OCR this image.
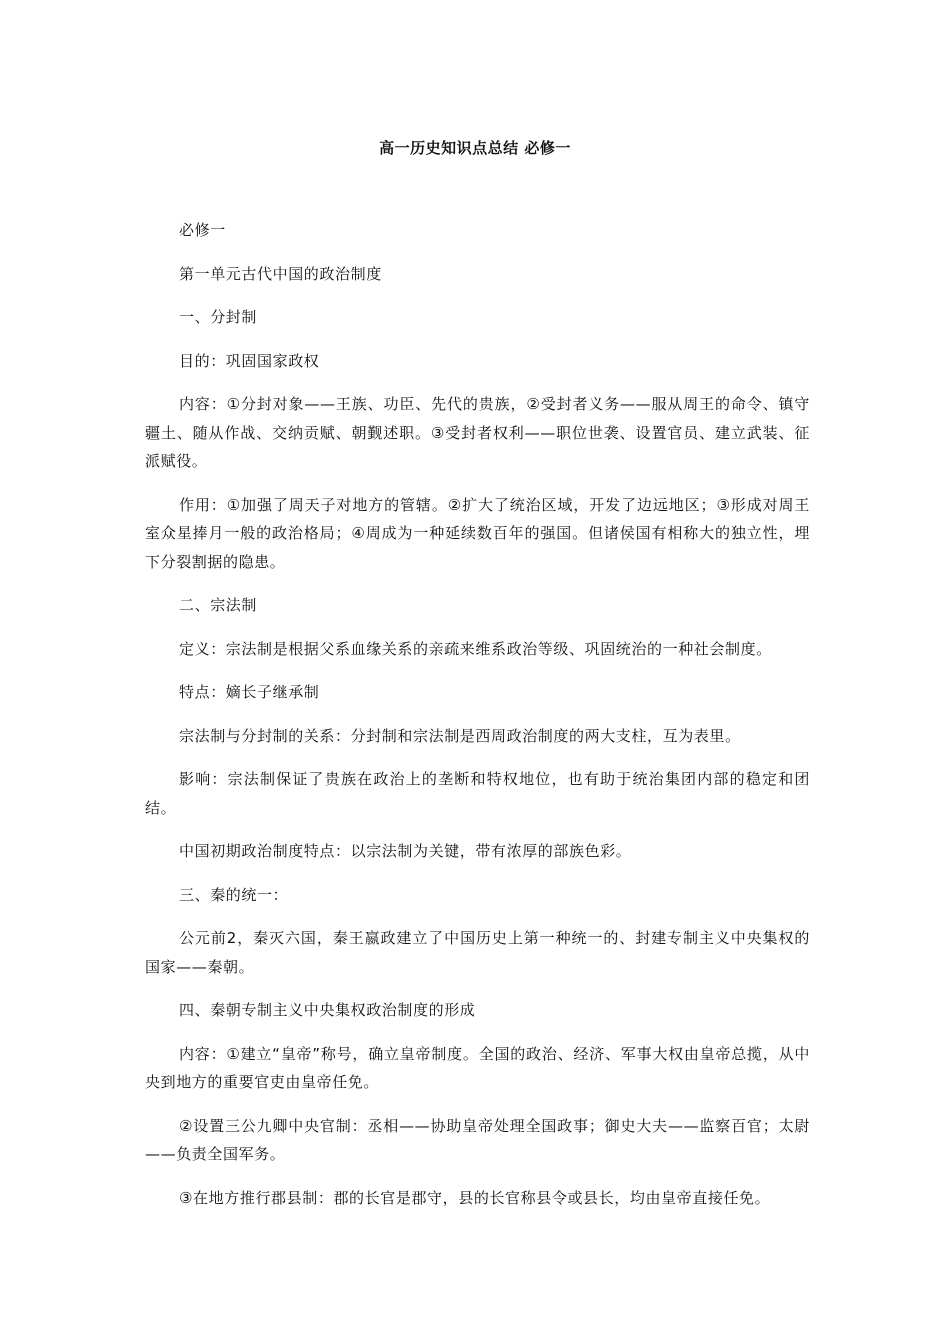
高一历史知识点总结 必修一

必修一

第一单元古代中国的政治制度

一、分封制

目的：巩固国家政权

内容：①分封对象——王族、功臣、先代的贵族，②受封者义务——服从周王的命令、镇守疆土、随从作战、交纳贡赋、朝觐述职。③受封者权利——职位世袭、设置官员、建立武装、征派赋役。

作用：①加强了周天子对地方的管辖。②扩大了统治区域，开发了边远地区；③形成对周王室众星捧月一般的政治格局；④周成为一种延续数百年的强国。但诸侯国有相称大的独立性，埋下分裂割据的隐患。

二、宗法制

定义：宗法制是根据父系血缘关系的亲疏来维系政治等级、巩固统治的一种社会制度。

特点：嫡长子继承制

宗法制与分封制的关系：分封制和宗法制是西周政治制度的两大支柱，互为表里。

影响：宗法制保证了贵族在政治上的垄断和特权地位，也有助于统治集团内部的稳定和团结。

中国初期政治制度特点：以宗法制为关键，带有浓厚的部族色彩。

三、秦的统一：

公元前2，秦灭六国，秦王嬴政建立了中国历史上第一种统一的、封建专制主义中央集权的国家——秦朝。

四、秦朝专制主义中央集权政治制度的形成

内容：①建立“皇帝”称号，确立皇帝制度。全国的政治、经济、军事大权由皇帝总揽，从中央到地方的重要官吏由皇帝任免。

②设置三公九卿中央官制：丞相——协助皇帝处理全国政事；御史大夫——监察百官；太尉——负责全国军务。

③在地方推行郡县制：郡的长官是郡守，县的长官称县令或县长，均由皇帝直接任免。
